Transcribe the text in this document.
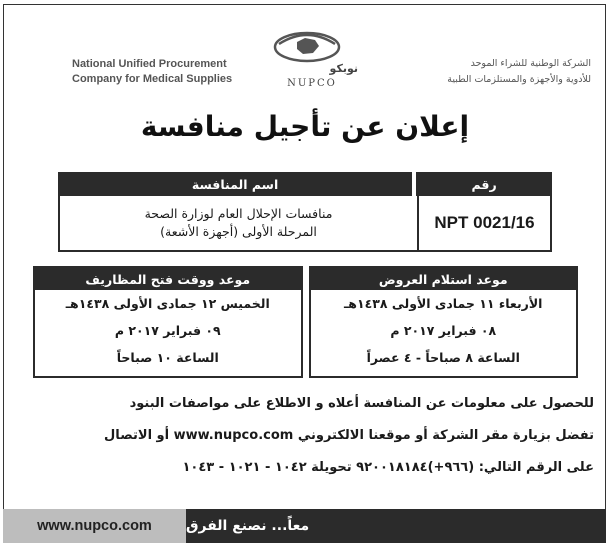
National Unified Procurement
Company for Medical Supplies
نوبكو
NUPCO
الشركة الوطنية للشراء الموحد
للأدوية والأجهزة والمستلزمات الطبية
إعلان عن تأجيل منافسة
اسم المنافسة	رقم
منافسات الإحلال العام لوزارة الصحة
المرحلة الأولى (أجهزة الأشعة)	NPT 0021/16
موعد ووقت فتح المظاريف
الخميس ١٢ جمادى الأولى ١٤٣٨هـ
٠٩ فبراير ٢٠١٧ م
الساعة ١٠ صباحاً
موعد استلام العروض
الأربعاء ١١ جمادى الأولى ١٤٣٨هـ
٠٨ فبراير ٢٠١٧ م
الساعة ٨ صباحاً - ٤ عصراً
للحصول على معلومات عن المنافسة أعلاه و الاطلاع على مواصفات البنود
تفضل بزيارة مقر الشركة أو موقعنا الالكتروني www.nupco.com أو الاتصال
على الرقم التالي: (٩٦٦+)٩٢٠٠١٨١٨٤ تحويلة ١٠٤٢ - ١٠٢١ - ١٠٤٣
www.nupco.com	معاً... نصنع الفرق
